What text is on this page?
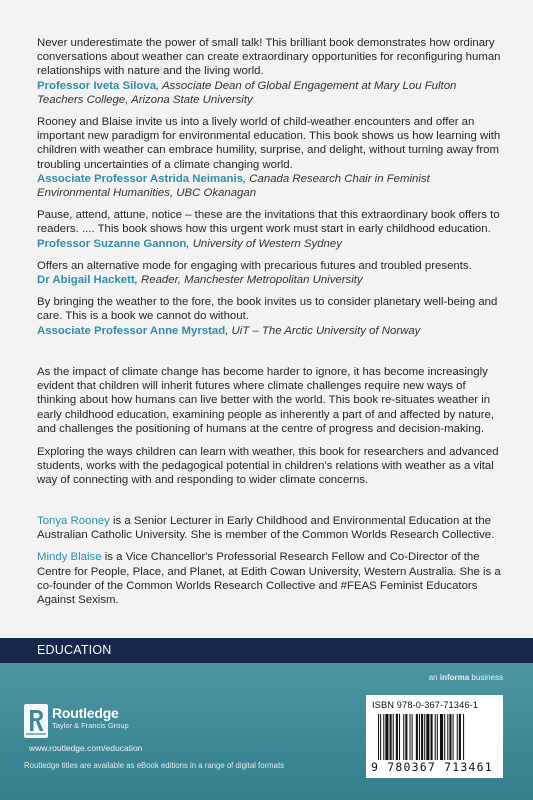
Never underestimate the power of small talk! This brilliant book demonstrates how ordinary conversations about weather can create extraordinary opportunities for reconfiguring human relationships with nature and the living world.
Professor Iveta Silova, Associate Dean of Global Engagement at Mary Lou Fulton Teachers College, Arizona State University
Rooney and Blaise invite us into a lively world of child-weather encounters and offer an important new paradigm for environmental education. This book shows us how learning with children with weather can embrace humility, surprise, and delight, without turning away from troubling uncertainties of a climate changing world.
Associate Professor Astrida Neimanis, Canada Research Chair in Feminist Environmental Humanities, UBC Okanagan
Pause, attend, attune, notice – these are the invitations that this extraordinary book offers to readers. .... This book shows how this urgent work must start in early childhood education.
Professor Suzanne Gannon, University of Western Sydney
Offers an alternative mode for engaging with precarious futures and troubled presents.
Dr Abigail Hackett, Reader, Manchester Metropolitan University
By bringing the weather to the fore, the book invites us to consider planetary well-being and care. This is a book we cannot do without.
Associate Professor Anne Myrstad, UiT – The Arctic University of Norway

As the impact of climate change has become harder to ignore, it has become increasingly evident that children will inherit futures where climate challenges require new ways of thinking about how humans can live better with the world. This book re-situates weather in early childhood education, examining people as inherently a part of and affected by nature, and challenges the positioning of humans at the centre of progress and decision-making.

Exploring the ways children can learn with weather, this book for researchers and advanced students, works with the pedagogical potential in children's relations with weather as a vital way of connecting with and responding to wider climate concerns.

Tonya Rooney is a Senior Lecturer in Early Childhood and Environmental Education at the Australian Catholic University. She is member of the Common Worlds Research Collective.
Mindy Blaise is a Vice Chancellor's Professorial Research Fellow and Co-Director of the Centre for People, Place, and Planet, at Edith Cowan University, Western Australia. She is a co-founder of the Common Worlds Research Collective and #FEAS Feminist Educators Against Sexism.
EDUCATION
an informa business
Routledge
Taylor & Francis Group
www.routledge.com/education
Routledge titles are available as eBook editions in a range of digital formats
ISBN 978-0-367-71346-1
9 780367 713461
